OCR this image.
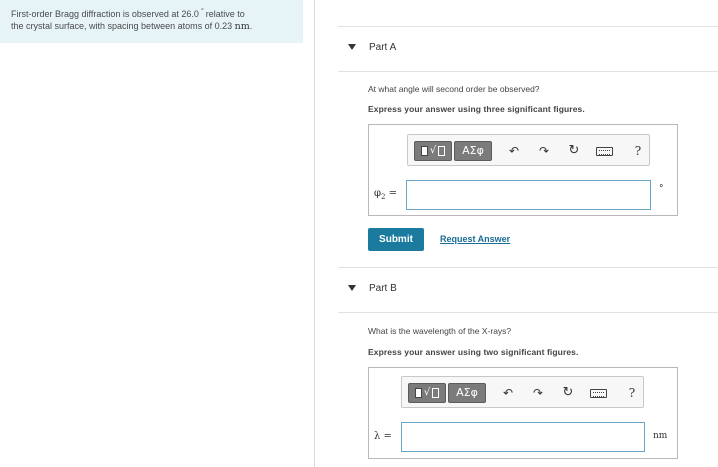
First-order Bragg diffraction is observed at 26.0 ° relative to
the crystal surface, with spacing between atoms of 0.23 nm.
Part A
At what angle will second order be observed?
Express your answer using three significant figures.
√	ΑΣφ	↶ ↷ ↻	?
$\varphi_2$ =	°
Submit	Request Answer
Part B
What is the wavelength of the X-rays?
Express your answer using two significant figures.
√	ΑΣφ	↶ ↷ ↻	?
λ =	nm
